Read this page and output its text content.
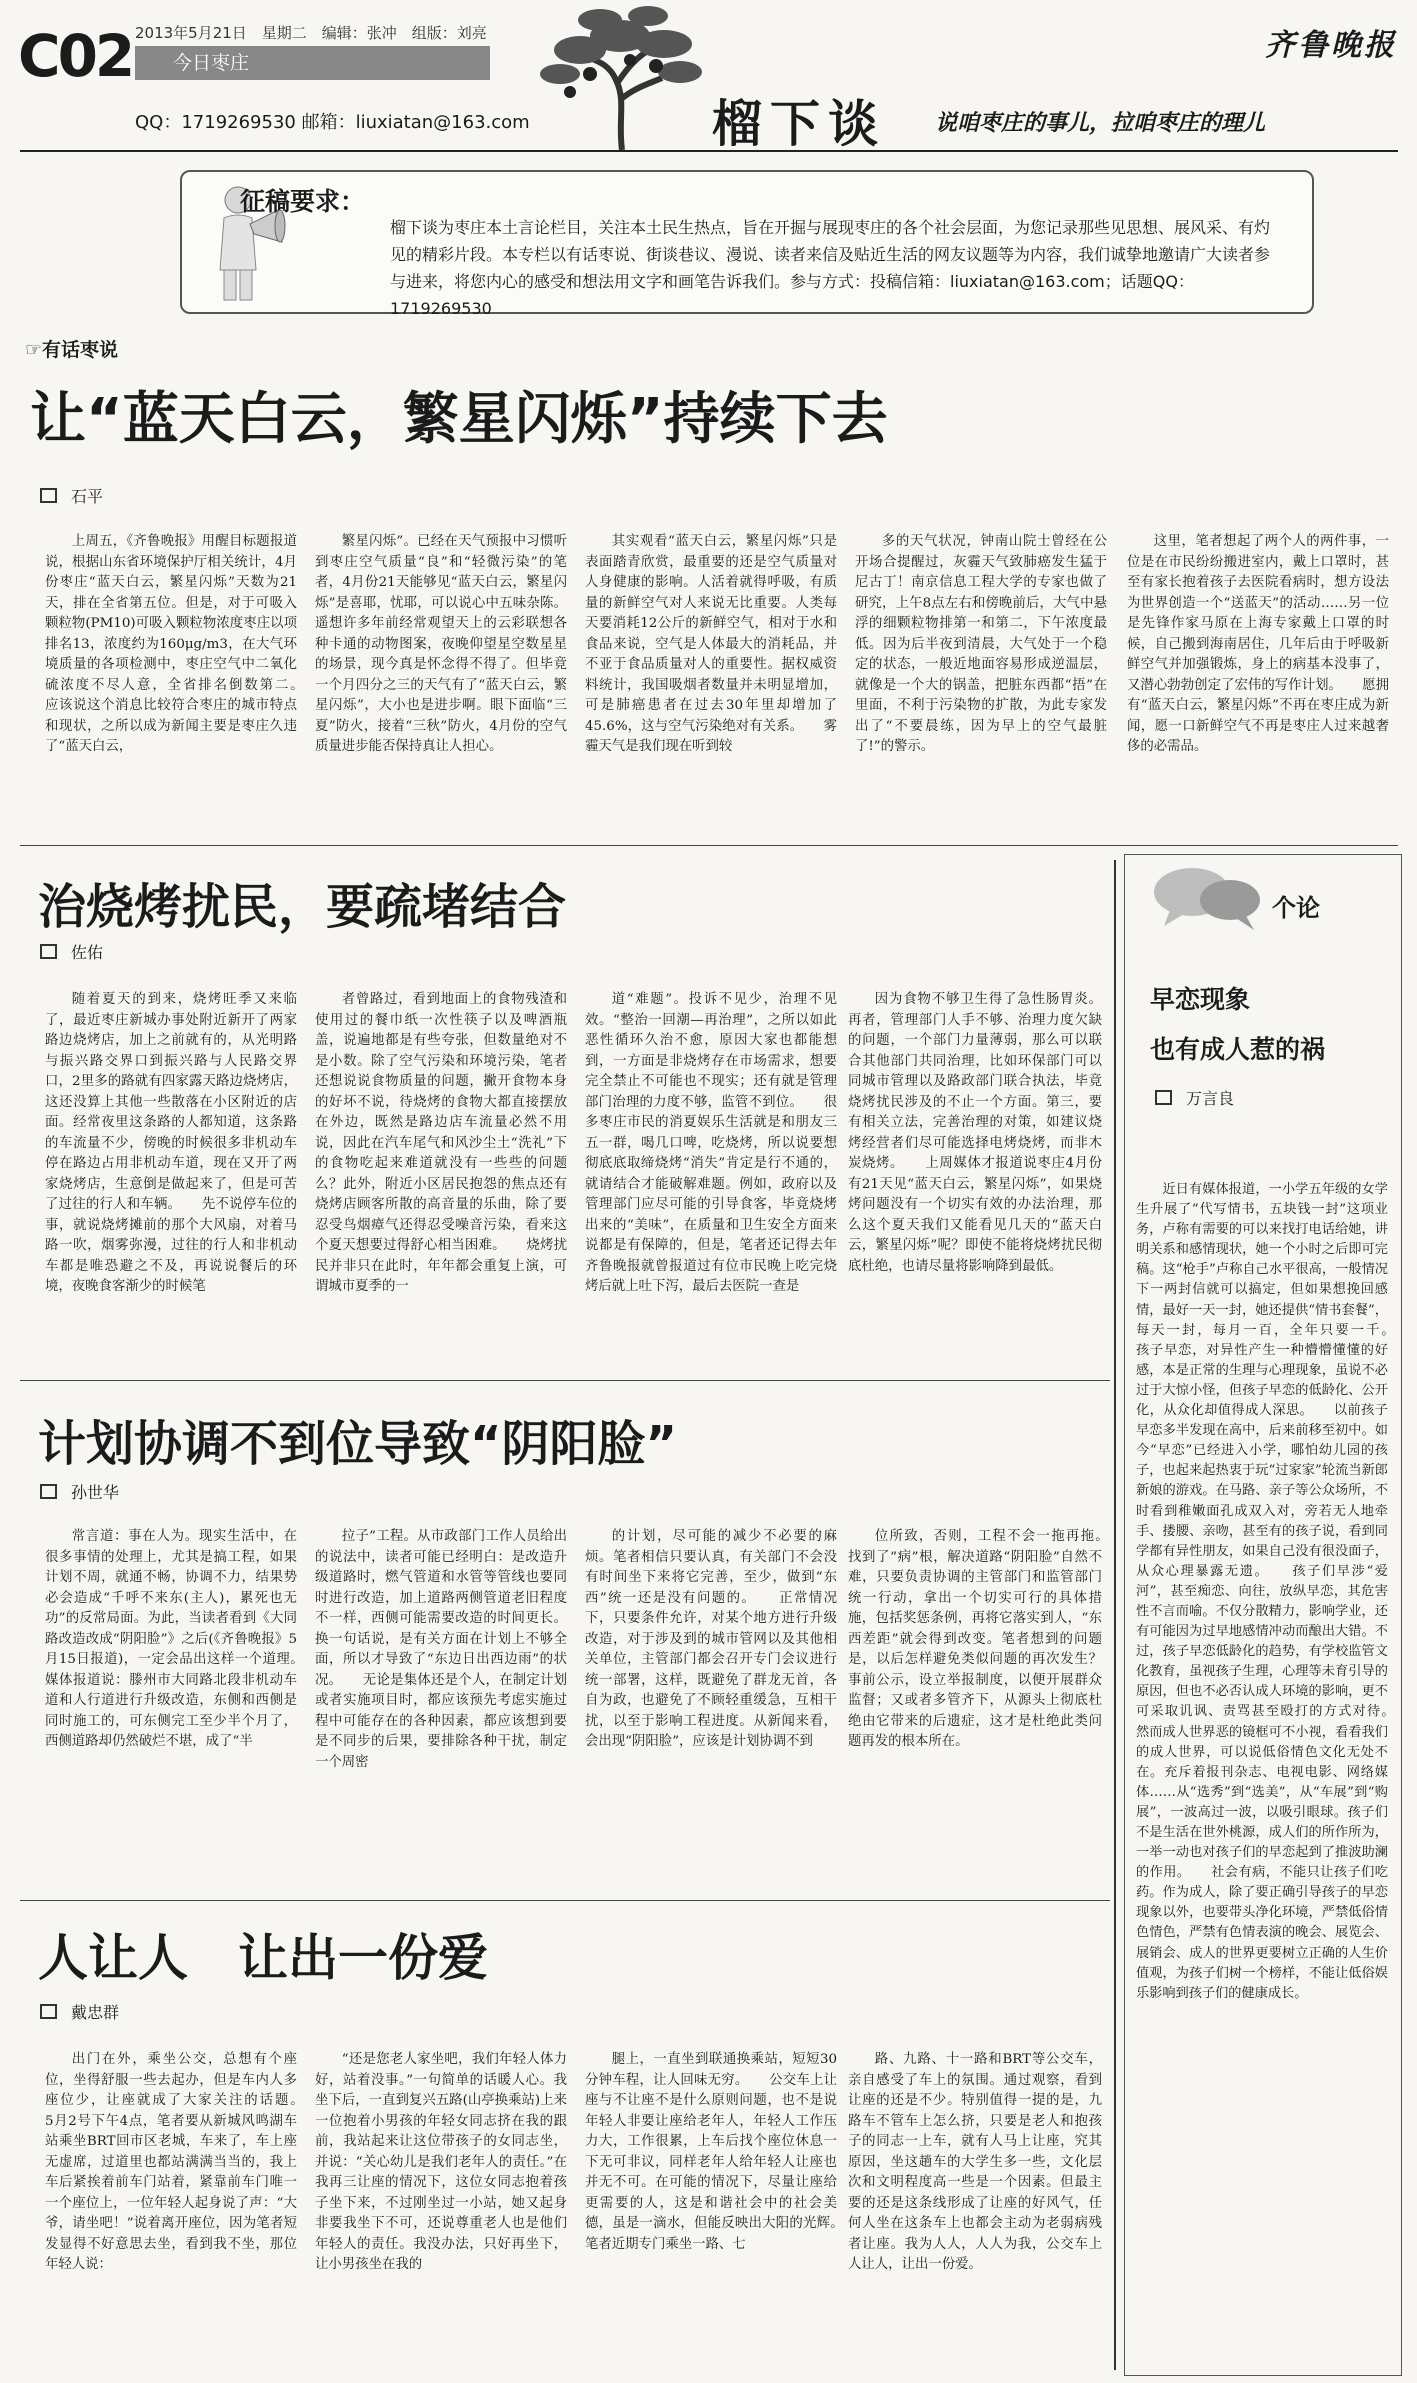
C02 2013年5月21日　星期二　编辑：张冲　组版：刘亮
今日枣庄
QQ：1719269530 邮箱：liuxiatan@163.com
齐鲁晚报
榴下谈 说咱枣庄的事儿，拉咱枣庄的理儿
征稿要求：
榴下谈为枣庄本土言论栏目，关注本土民生热点，旨在开掘与展现枣庄的各个社会层面，为您记录那些见思想、展风采、有灼见的精彩片段。本专栏以有话枣说、街谈巷议、漫说、读者来信及贴近生活的网友议题等为内容，我们诚挚地邀请广大读者参与进来，将您内心的感受和想法用文字和画笔告诉我们。参与方式：投稿信箱：liuxiatan@163.com；话题QQ：1719269530
☞有话枣说
让“蓝天白云，繁星闪烁”持续下去
石平

上周五，《齐鲁晚报》用醒目标题报道说，根据山东省环境保护厅相关统计，4月份枣庄“蓝天白云，繁星闪烁”天数为21天，排在全省第五位。但是，对于可吸入颗粒物(PM10)可吸入颗粒物浓度枣庄以项排名13，浓度约为160μg/m3，在大气环境质量的各项检测中，枣庄空气中二氧化硫浓度不尽人意，全省排名倒数第二。　　应该说这个消息比较符合枣庄的城市特点和现状，之所以成为新闻主要是枣庄久违了“蓝天白云，

繁星闪烁”。已经在天气预报中习惯听到枣庄空气质量“良”和“轻微污染”的笔者，4月份21天能够见“蓝天白云，繁星闪烁”是喜耶，忧耶，可以说心中五味杂陈。遥想许多年前经常观望天上的云彩联想各种卡通的动物图案，夜晚仰望星空数星星的场景，现今真是怀念得不得了。但毕竟一个月四分之三的天气有了“蓝天白云，繁星闪烁”，大小也是进步啊。眼下面临“三夏”防火，接着“三秋”防火，4月份的空气质量进步能否保持真让人担心。

其实观看“蓝天白云，繁星闪烁”只是表面踏青欣赏，最重要的还是空气质量对人身健康的影响。人活着就得呼吸，有质量的新鲜空气对人来说无比重要。人类每天要消耗12公斤的新鲜空气，相对于水和食品来说，空气是人体最大的消耗品，并不亚于食品质量对人的重要性。据权威资料统计，我国吸烟者数量并未明显增加，可是肺癌患者在过去30年里却增加了45.6%，这与空气污染绝对有关系。　　雾霾天气是我们现在听到较

多的天气状况，钟南山院士曾经在公开场合提醒过，灰霾天气致肺癌发生猛于尼古丁！南京信息工程大学的专家也做了研究，上午8点左右和傍晚前后，大气中悬浮的细颗粒物排第一和第二，下午浓度最低。因为后半夜到清晨，大气处于一个稳定的状态，一般近地面容易形成逆温层，就像是一个大的锅盖，把脏东西都“捂”在里面，不利于污染物的扩散，为此专家发出了“不要晨练，因为早上的空气最脏了!”的警示。

这里，笔者想起了两个人的两件事，一位是在市民纷纷搬进室内，戴上口罩时，甚至有家长抱着孩子去医院看病时，想方设法为世界创造一个“送蓝天”的活动……另一位是先锋作家马原在上海专家戴上口罩的时候，自己搬到海南居住，几年后由于呼吸新鲜空气并加强锻炼，身上的病基本没事了，又潜心勃勃创定了宏伟的写作计划。　　愿拥有“蓝天白云，繁星闪烁”不再在枣庄成为新闻，愿一口新鲜空气不再是枣庄人过来越奢侈的必需品。

治烧烤扰民，要疏堵结合
佐佑

随着夏天的到来，烧烤旺季又来临了，最近枣庄新城办事处附近新开了两家路边烧烤店，加上之前就有的，从光明路与振兴路交界口到振兴路与人民路交界口，2里多的路就有四家露天路边烧烤店，这还没算上其他一些散落在小区附近的店面。经常夜里这条路的人都知道，这条路的车流量不少，傍晚的时候很多非机动车停在路边占用非机动车道，现在又开了两家烧烤店，生意倒是做起来了，但是可苦了过往的行人和车辆。　　先不说停车位的事，就说烧烤摊前的那个大风扇，对着马路一吹，烟雾弥漫，过往的行人和非机动车都是唯恐避之不及，再说说餐后的环境，夜晚食客渐少的时候笔

者曾路过，看到地面上的食物残渣和使用过的餐巾纸一次性筷子以及啤酒瓶盖，说遍地都是有些夸张，但数量绝对不是小数。除了空气污染和环境污染，笔者还想说说食物质量的问题，撇开食物本身的好坏不说，待烧烤的食物大都直接摆放在外边，既然是路边店车流量必然不用说，因此在汽车尾气和风沙尘土“洗礼”下的食物吃起来难道就没有一些些的问题么？此外，附近小区居民抱怨的焦点还有烧烤店顾客所散的高音量的乐曲，除了要忍受鸟烟瘴气还得忍受噪音污染，看来这个夏天想要过得舒心相当困难。　　烧烤扰民并非只在此时，年年都会重复上演，可谓城市夏季的一

道“难题”。投诉不见少，治理不见效。“整治一回潮—再治理”，之所以如此恶性循环久治不愈，原因大家也都能想到，一方面是非烧烤存在市场需求，想要完全禁止不可能也不现实；还有就是管理部门治理的力度不够，监管不到位。　　很多枣庄市民的消夏娱乐生活就是和朋友三五一群，喝几口啤，吃烧烤，所以说要想彻底底取缔烧烤“消失”肯定是行不通的，就请结合才能破解难题。例如，政府以及管理部门应尽可能的引导食客，毕竟烧烤出来的“美味”，在质量和卫生安全方面来说都是有保障的，但是，笔者还记得去年齐鲁晚报就曾报道过有位市民晚上吃完烧烤后就上吐下泻，最后去医院一查是

因为食物不够卫生得了急性肠胃炎。再者，管理部门人手不够、治理力度欠缺的问题，一个部门力量薄弱，那么可以联合其他部门共同治理，比如环保部门可以同城市管理以及路政部门联合执法，毕竟烧烤扰民涉及的不止一个方面。第三，要有相关立法，完善治理的对策，如建议烧烤经营者们尽可能选择电烤烧烤，而非木炭烧烤。　　上周媒体才报道说枣庄4月份有21天见“蓝天白云，繁星闪烁”，如果烧烤问题没有一个切实有效的办法治理，那么这个夏天我们又能看见几天的“蓝天白云，繁星闪烁”呢？即使不能将烧烤扰民彻底杜绝，也请尽量将影响降到最低。

计划协调不到位导致“阴阳脸”
孙世华

常言道：事在人为。现实生活中，在很多事情的处理上，尤其是搞工程，如果计划不周，就通不畅，协调不力，结果势必会造成“千呼不来东(主人)，累死也无功”的反常局面。为此，当读者看到《大同路改造改成“阴阳脸”》之后(《齐鲁晚报》5月15日报道)，一定会品出这样一个道理。　　媒体报道说：滕州市大同路北段非机动车道和人行道进行升级改造，东侧和西侧是同时施工的，可东侧完工至少半个月了，西侧道路却仍然破烂不堪，成了“半

拉子”工程。从市政部门工作人员给出的说法中，读者可能已经明白：是改造升级道路时，燃气管道和水管等管线也要同时进行改造，加上道路两侧管道老旧程度不一样，西侧可能需要改造的时间更长。换一句话说，是有关方面在计划上不够全面，所以才导致了“东边日出西边雨”的状况。　　无论是集体还是个人，在制定计划或者实施项目时，都应该预先考虑实施过程中可能存在的各种因素，都应该想到要是不同步的后果，要排除各种干扰，制定一个周密

的计划，尽可能的减少不必要的麻烦。笔者相信只要认真，有关部门不会没有时间坐下来将它完善，至少，做到“东西”统一还是没有问题的。　　正常情况下，只要条件允许，对某个地方进行升级改造，对于涉及到的城市管网以及其他相关单位，主管部门都会召开专门会议进行统一部署，这样，既避免了群龙无首，各自为政，也避免了不顾轻重缓急，互相干扰，以至于影响工程进度。从新闻来看，会出现“阴阳脸”，应该是计划协调不到

位所致，否则，工程不会一拖再拖。　　找到了“病”根，解决道路“阴阳脸”自然不难，只要负责协调的主管部门和监管部门统一行动，拿出一个切实可行的具体措施，包括奖惩条例，再将它落实到人，“东西差距”就会得到改变。笔者想到的问题是，以后怎样避免类似问题的再次发生？事前公示，设立举报制度，以便开展群众监督；又或者多管齐下，从源头上彻底杜绝由它带来的后遗症，这才是杜绝此类问题再发的根本所在。

人让人　让出一份爱
戴忠群

出门在外，乘坐公交，总想有个座位，坐得舒服一些去起办，但是车内人多座位少，让座就成了大家关注的话题。　　5月2号下午4点，笔者要从新城风鸣湖车站乘坐BRT回市区老城，车来了，车上座无虚席，过道里也都站满满当当的，我上车后紧挨着前车门站着，紧靠前车门唯一一个座位上，一位年轻人起身说了声：“大爷，请坐吧！”说着离开座位，因为笔者短发显得不好意思去坐，看到我不坐，那位年轻人说：

“还是您老人家坐吧，我们年轻人体力好，站着没事。”一句简单的话暖人心。我坐下后，一直到复兴五路(山亭换乘站)上来一位抱着小男孩的年轻女同志挤在我的跟前，我站起来让这位带孩子的女同志坐，并说：“关心幼儿是我们老年人的责任。”在我再三让座的情况下，这位女同志抱着孩子坐下来，不过刚坐过一小站，她又起身非要我坐下不可，还说尊重老人也是他们年轻人的责任。我没办法，只好再坐下，让小男孩坐在我的

腿上，一直坐到联通换乘站，短短30分钟车程，让人回味无穷。　　公交车上让座与不让座不是什么原则问题，也不是说年轻人非要让座给老年人，年轻人工作压力大，工作很累，上车后找个座位休息一下无可非议，同样老年人给年轻人让座也并无不可。在可能的情况下，尽量让座给更需要的人，这是和谐社会中的社会美德，虽是一滴水，但能反映出大阳的光辉。　　笔者近期专门乘坐一路、七

路、九路、十一路和BRT等公交车，亲自感受了车上的氛围。通过观察，看到让座的还是不少。特别值得一提的是，九路车不管车上怎么挤，只要是老人和抱孩子的同志一上车，就有人马上让座，究其原因，坐这趟车的大学生多一些，文化层次和文明程度高一些是一个因素。但最主要的还是这条线形成了让座的好风气，任何人坐在这条车上也都会主动为老弱病残者让座。我为人人，人人为我，公交车上人让人，让出一份爱。

个论
早恋现象
也有成人惹的祸
万言良

近日有媒体报道，一小学五年级的女学生升展了“代写情书，五块钱一封”这项业务，卢称有需要的可以来找打电话给她，讲明关系和感情现状，她一个小时之后即可完稿。这“枪手”卢称自己水平很高，一般情况下一两封信就可以搞定，但如果想挽回感情，最好一天一封，她还提供“情书套餐”，每天一封，每月一百，全年只要一千。　　孩子早恋，对异性产生一种懵懵懂懂的好感，本是正常的生理与心理现象，虽说不必过于大惊小怪，但孩子早恋的低龄化、公开化，从众化却值得成人深思。　　以前孩子早恋多半发现在高中，后来前移至初中。如今“早恋”已经进入小学，哪怕幼儿园的孩子，也起来起热衷于玩“过家家”轮流当新郎新娘的游戏。在马路、亲子等公众场所，不时看到稚嫩面孔成双入对，旁若无人地牵手、搂腰、亲吻，甚至有的孩子说，看到同学都有异性朋友，如果自己没有很没面子，从众心理暴露无遗。　　孩子们早涉“爱河”，甚至痴恋、向往，放纵早恋，其危害性不言而喻。不仅分散精力，影响学业，还有可能因为过早地感情冲动而酿出大错。不过，孩子早恋低龄化的趋势，有学校监管文化教育，虽视孩子生理，心理等未育引导的原因，但也不必否认成人环境的影响，更不可采取讥讽、责骂甚至殴打的方式对待。　　然而成人世界恶的镜框可不小视，看看我们的成人世界，可以说低俗情色文化无处不在。充斥着报刊杂志、电视电影、网络媒体……从“选秀”到“选美”，从“车展”到“购展”，一波高过一波，以吸引眼球。孩子们不是生活在世外桃源，成人们的所作所为，一举一动也对孩子们的早恋起到了推波助澜的作用。　　社会有病，不能只让孩子们吃药。作为成人，除了要正确引导孩子的早恋现象以外，也要带头净化环境，严禁低俗情色情色，严禁有色情表演的晚会、展览会、展销会、成人的世界更要树立正确的人生价值观，为孩子们树一个榜样，不能让低俗娱乐影响到孩子们的健康成长。
